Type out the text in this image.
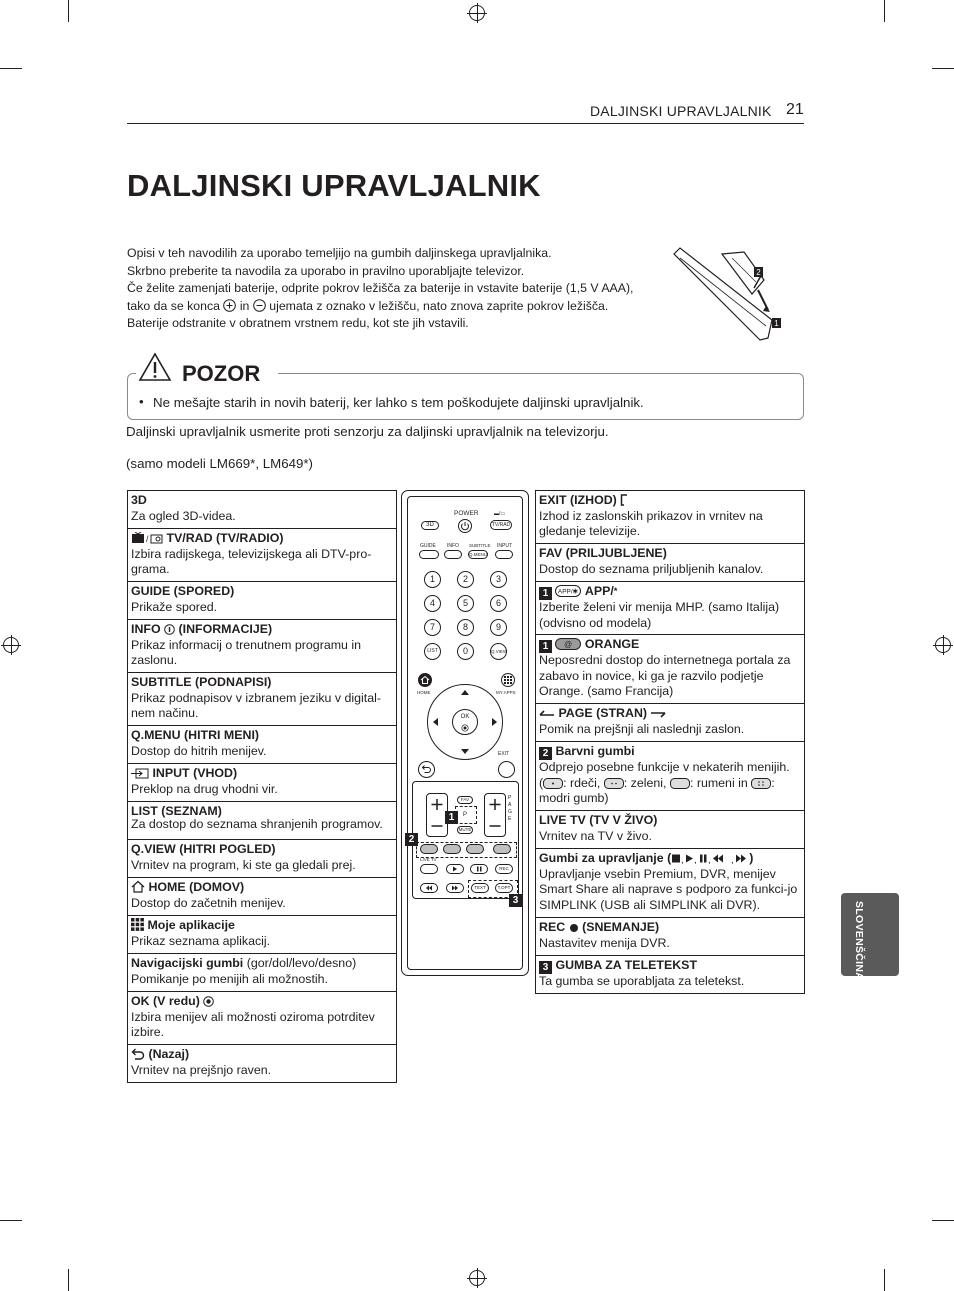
DALJINSKI UPRAVLJALNIK 21
DALJINSKI UPRAVLJALNIK
Opisi v teh navodilih za uporabo temeljijo na gumbih daljinskega upravljalnika.
Skrbno preberite ta navodila za uporabo in pravilno uporabljajte televizor.
Če želite zamenjati baterije, odprite pokrov ležišča za baterije in vstavite baterije (1,5 V AAA),
tako da se konca in ujemata z oznako v ležišču, nato znova zaprite pokrov ležišča.
Baterije odstranite v obratnem vrstnem redu, kot ste jih vstavili.
2
1
POZOR
• Ne mešajte starih in novih baterij, ker lahko s tem poškodujete daljinski upravljalnik.
Daljinski upravljalnik usmerite proti senzorju za daljinski upravljalnik na televizorju.
(samo modeli LM669*, LM649*)
3D
Za ogled 3D-videa.

/ TV/RAD (TV/RADIO)
Izbira radijskega, televizijskega ali DTV-pro-grama.
GUIDE (SPORED)
Prikaže spored.
INFO (INFORMACIJE)
Prikaz informacij o trenutnem programu in zaslonu.
SUBTITLE (PODNAPISI)
Prikaz podnapisov v izbranem jeziku v digital-nem načinu.
Q.MENU (HITRI MENI)
Dostop do hitrih menijev.
INPUT (VHOD)
Preklop na drug vhodni vir.
LIST (SEZNAM)
Za dostop do seznama shranjenih programov.
Q.VIEW (HITRI POGLED)
Vrnitev na program, ki ste ga gledali prej.
HOME (DOMOV)
Dostop do začetnih menijev.
Moje aplikacije
Prikaz seznama aplikacij.
Navigacijski gumbi (gor/dol/levo/desno)
Pomikanje po menijih ali možnostih.
OK (V redu)
Izbira menijev ali možnosti oziroma potrditev izbire.
(Nazaj)
Vrnitev na prejšnjo raven.
EXIT (IZHOD)
Izhod iz zaslonskih prikazov in vrnitev na gledanje televizije.
FAV (PRILJUBLJENE)
Dostop do seznama priljubljenih kanalov.
1 APP/✱ APP/*
Izberite želeni vir menija MHP. (samo Italija) (odvisno od modela)
1 @ ORANGE
Neposredni dostop do internetnega portala za zabavo in novice, ki ga je razvilo podjetje Orange. (samo Francija)
PAGE (STRAN)
Pomik na prejšnji ali naslednji zaslon.
2 Barvni gumbi
Odprejo posebne funkcije v nekaterih menijih.
( : rdeči, : zeleni, : rumeni in :
modri gumb)
LIVE TV (TV V ŽIVO)
Vrnitev na TV v živo.
Gumbi za upravljanje ( , , , , )
Upravljanje vsebin Premium, DVR, menijev Smart Share ali naprave s podporo za funkci-jo SIMPLINK (USB ali SIMPLINK ali DVR).
REC (SNEMANJE)
Nastavitev menija DVR.
3 GUMBA ZA TELETEKST
Ta gumba se uporabljata za teletekst.
POWER
3D
▬/▭
TV/RAD
GUIDE INFO SUBTITLE INPUT
Q.MENU
1	2	3
4	5	6
7	8	9
LIST	0	Q.VIEW
HOME	MY APPS
OK
EXIT
FAV
P
MUTE
P A G E
1
2
LIVE TV
REC
TEXT	T.OPT
3
SLOVENŠČINA
